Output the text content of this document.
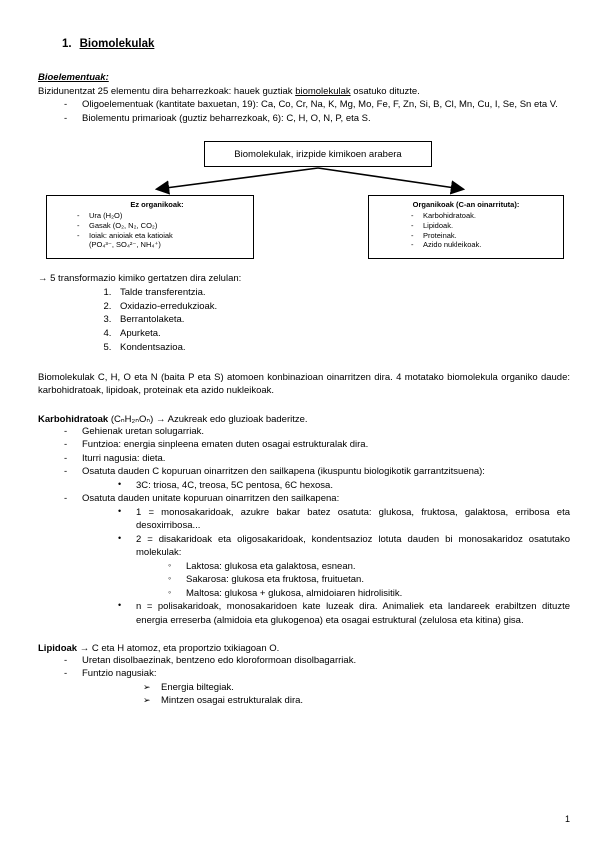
1. Biomolekulak
Bioelementuak:

Bizidunentzat 25 elementu dira beharrezkoak: hauek guztiak biomolekulak osatuko dituzte.

- Oligoelementuak (kantitate baxuetan, 19): Ca, Co, Cr, Na, K, Mg, Mo, Fe, F, Zn, Si, B, Cl, Mn, Cu, I, Se, Sn eta V.
- Biolementu primarioak (guztiz beharrezkoak, 6): C, H, O, N, P, eta S.
Biomolekulak, irizpide kimikoen arabera
Ez organikoak:
- Ura (H₂O)
- Gasak (O₂, N₂, CO₂)
- Ioiak: anioiak eta katioiak
(PO₄³⁻, SO₄²⁻, NH₄⁺)
Organikoak (C-an oinarrituta):
- Karbohidratoak.
- Lipidoak.
- Proteinak.
- Azido nukleikoak.

→ 5 transformazio kimiko gertatzen dira zelulan:

1. Talde transferentzia.
2. Oxidazio-erredukzioak.
3. Berrantolaketa.
4. Apurketa.
5. Kondentsazioa.

Biomolekulak C, H, O eta N (baita P eta S) atomoen konbinazioan oinarritzen dira. 4 motatako biomolekula organiko daude: karbohidratoak, lipidoak, proteinak eta azido nukleikoak.

Karbohidratoak (CₙH₂ₙOₙ) → Azukreak edo gluzioak baderitze.

- Gehienak uretan solugarriak.
- Funtzioa: energia sinpleena ematen duten osagai estrukturalak dira.
- Iturri nagusia: dieta.
- Osatuta dauden C kopuruan oinarritzen den sailkapena (ikuspuntu biologikotik garrantzitsuena):
• 3C: triosa, 4C, treosa, 5C pentosa, 6C hexosa.
- Osatuta dauden unitate kopuruan oinarritzen den sailkapena:
• 1 = monosakaridoak, azukre bakar batez osatuta: glukosa, fruktosa, galaktosa, erribosa eta desoxirribosa...
• 2 = disakaridoak eta oligosakaridoak, kondentsazioz lotuta dauden bi monosakaridoz osatutako molekulak:
◦ Laktosa: glukosa eta galaktosa, esnean.
◦ Sakarosa: glukosa eta fruktosa, fruituetan.
◦ Maltosa: glukosa + glukosa, almidoiaren hidrolisitik.
• n = polisakaridoak, monosakaridoen kate luzeak dira. Animaliek eta landareek erabiltzen dituzte energia erreserba (almidoia eta glukogenoa) eta osagai estruktural (zelulosa eta kitina) gisa.

Lipidoak → C eta H atomoz, eta proportzio txikiagoan O.

- Uretan disolbaezinak, bentzeno edo kloroformoan disolbagarriak.
- Funtzio nagusiak:
➢ Energia biltegiak.
➢ Mintzen osagai estrukturalak dira.
1
